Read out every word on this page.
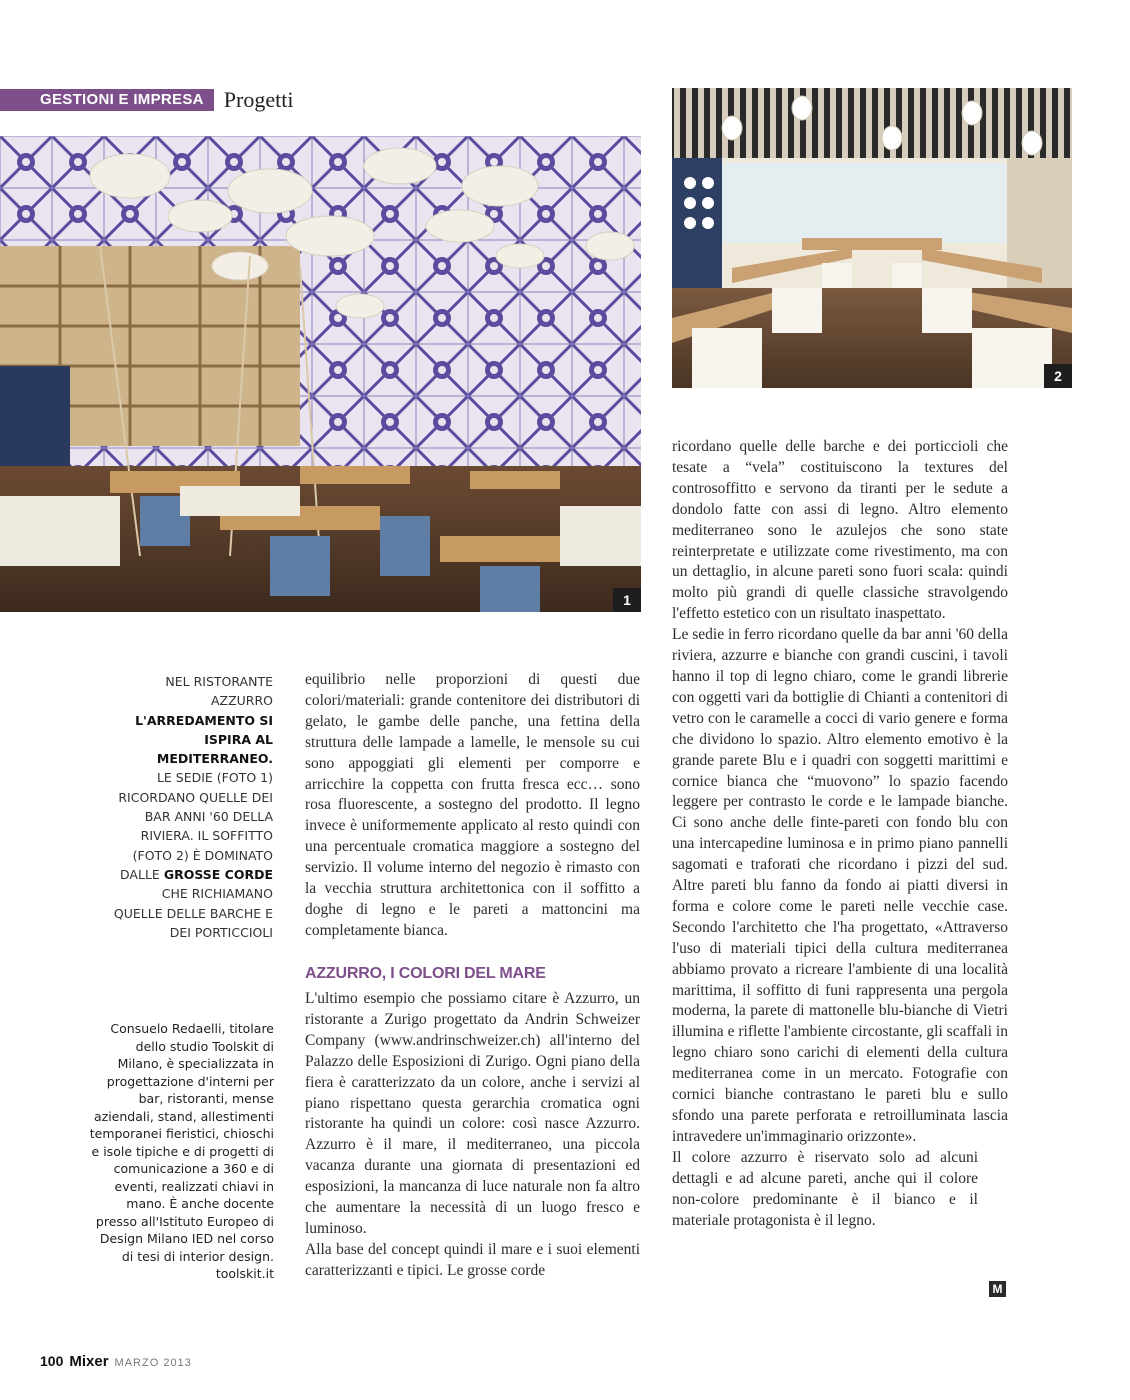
GESTIONI E IMPRESA Progetti
1
2
NEL RISTORANTE AZZURRO
L'ARREDAMENTO SI ISPIRA AL MEDITERRANEO.
LE SEDIE (FOTO 1) RICORDANO QUELLE DEI BAR ANNI '60 DELLA RIVIERA. IL SOFFITTO (FOTO 2) È DOMINATO DALLE GROSSE CORDE CHE RICHIAMANO QUELLE DELLE BARCHE E DEI PORTICCIOLI
Consuelo Redaelli, titolare dello studio Toolskit di Milano, è specializzata in progettazione d'interni per bar, ristoranti, mense aziendali, stand, allestimenti temporanei fieristici, chioschi e isole tipiche e di progetti di comunicazione a 360 e di eventi, realizzati chiavi in mano. È anche docente presso all'Istituto Europeo di Design Milano IED nel corso di tesi di interior design. toolskit.it

equilibrio nelle proporzioni di questi due colori/materiali: grande contenitore dei distributori di gelato, le gambe delle panche, una fettina della struttura delle lampade a lamelle, le mensole su cui sono appoggiati gli elementi per comporre e arricchire la coppetta con frutta fresca ecc… sono rosa fluorescente, a sostegno del prodotto. Il legno invece è uniformemente applicato al resto quindi con una percentuale cromatica maggiore a sostegno del servizio. Il volume interno del negozio è rimasto con la vecchia struttura architettonica con il soffitto a doghe di legno e le pareti a mattoncini ma completamente bianca.

AZZURRO, I COLORI DEL MARE

L'ultimo esempio che possiamo citare è Azzurro, un ristorante a Zurigo progettato da Andrin Schweizer Company (www.andrinschweizer.ch) all'interno del Palazzo delle Esposizioni di Zurigo. Ogni piano della fiera è caratterizzato da un colore, anche i servizi al piano rispettano questa gerarchia cromatica ogni ristorante ha quindi un colore: così nasce Azzurro. Azzurro è il mare, il mediterraneo, una piccola vacanza durante una giornata di presentazioni ed esposizioni, la mancanza di luce naturale non fa altro che aumentare la necessità di un luogo fresco e luminoso.

Alla base del concept quindi il mare e i suoi elementi caratterizzanti e tipici. Le grosse corde

ricordano quelle delle barche e dei porticcioli che tesate a “vela” costituiscono la textures del controsoffitto e servono da tiranti per le sedute a dondolo fatte con assi di legno. Altro elemento mediterraneo sono le azulejos che sono state reinterpretate e utilizzate come rivestimento, ma con un dettaglio, in alcune pareti sono fuori scala: quindi molto più grandi di quelle classiche stravolgendo l'effetto estetico con un risultato inaspettato.

Le sedie in ferro ricordano quelle da bar anni '60 della riviera, azzurre e bianche con grandi cuscini, i tavoli hanno il top di legno chiaro, come le grandi librerie con oggetti vari da bottiglie di Chianti a contenitori di vetro con le caramelle a cocci di vario genere e forma che dividono lo spazio. Altro elemento emotivo è la grande parete Blu e i quadri con soggetti marittimi e cornice bianca che “muovono” lo spazio facendo leggere per contrasto le corde e le lampade bianche. Ci sono anche delle finte-pareti con fondo blu con una intercapedine luminosa e in primo piano pannelli sagomati e traforati che ricordano i pizzi del sud. Altre pareti blu fanno da fondo ai piatti diversi in forma e colore come le pareti nelle vecchie case. Secondo l'architetto che l'ha progettato, «Attraverso l'uso di materiali tipici della cultura mediterranea abbiamo provato a ricreare l'ambiente di una località marittima, il soffitto di funi rappresenta una pergola moderna, la parete di mattonelle blu-bianche di Vietri illumina e riflette l'ambiente circostante, gli scaffali in legno chiaro sono carichi di elementi della cultura mediterranea come in un mercato. Fotografie con cornici bianche contrastano le pareti blu e sullo sfondo una parete perforata e retroilluminata lascia intravedere un'immaginario orizzonte».

Il colore azzurro è riservato solo ad alcuni dettagli e ad alcune pareti, anche qui il colore non-colore predominante è il bianco e il materiale protagonista è il legno.

M
100 Mixer MARZO 2013
